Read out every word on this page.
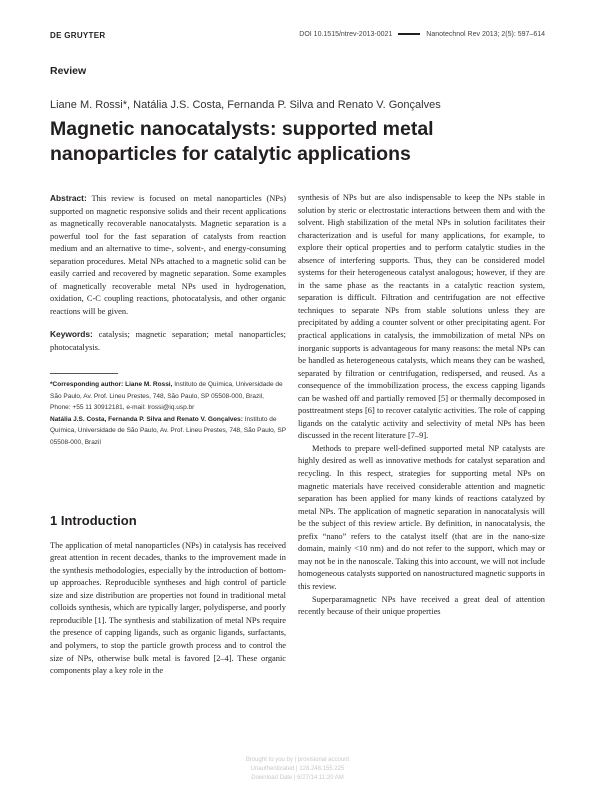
DE GRUYTER	DOI 10.1515/ntrev-2013-0021	Nanotechnol Rev 2013; 2(5): 597–614
Review
Liane M. Rossi*, Natália J.S. Costa, Fernanda P. Silva and Renato V. Gonçalves
Magnetic nanocatalysts: supported metal nanoparticles for catalytic applications

Abstract: This review is focused on metal nanoparticles (NPs) supported on magnetic responsive solids and their recent applications as magnetically recoverable nanocatalysts. Magnetic separation is a powerful tool for the fast separation of catalysts from reaction medium and an alternative to time-, solvent-, and energy-consuming separation procedures. Metal NPs attached to a magnetic solid can be easily carried and recovered by magnetic separation. Some examples of magnetically recoverable metal NPs used in hydrogenation, oxidation, C-C coupling reactions, photocatalysis, and other organic reactions will be given.

Keywords: catalysis; magnetic separation; metal nanoparticles; photocatalysis.

*Corresponding author: Liane M. Rossi, Instituto de Química, Universidade de São Paulo, Av. Prof. Lineu Prestes, 748, São Paulo, SP 05508-000, Brazil, Phone: +55 11 30912181, e-mail: lrossi@iq.usp.br

Natália J.S. Costa, Fernanda P. Silva and Renato V. Gonçalves: Instituto de Química, Universidade de São Paulo, Av. Prof. Lineu Prestes, 748, São Paulo, SP 05508-000, Brazil

1 Introduction

The application of metal nanoparticles (NPs) in catalysis has received great attention in recent decades, thanks to the improvement made in the synthesis methodologies, especially by the introduction of bottom-up approaches. Reproducible syntheses and high control of particle size and size distribution are properties not found in traditional metal colloids synthesis, which are typically larger, polydisperse, and poorly reproducible [1]. The synthesis and stabilization of metal NPs require the presence of capping ligands, such as organic ligands, surfactants, and polymers, to stop the particle growth process and to control the size of NPs, otherwise bulk metal is favored [2–4]. These organic components play a key role in the

synthesis of NPs but are also indispensable to keep the NPs stable in solution by steric or electrostatic interactions between them and with the solvent. High stabilization of the metal NPs in solution facilitates their characterization and is useful for many applications, for example, to explore their optical properties and to perform catalytic studies in the absence of interfering supports. Thus, they can be considered model systems for their heterogeneous catalyst analogous; however, if they are in the same phase as the reactants in a catalytic reaction system, separation is difficult. Filtration and centrifugation are not effective techniques to separate NPs from stable solutions unless they are precipitated by adding a counter solvent or other precipitating agent. For practical applications in catalysis, the immobilization of metal NPs on inorganic supports is advantageous for many reasons: the metal NPs can be handled as heterogeneous catalysts, which means they can be washed, separated by filtration or centrifugation, redispersed, and reused. As a consequence of the immobilization process, the excess capping ligands can be washed off and partially removed [5] or thermally decomposed in posttreatment steps [6] to recover catalytic activities. The role of capping ligands on the catalytic activity and selectivity of metal NPs has been discussed in the recent literature [7–9].

Methods to prepare well-defined supported metal NP catalysts are highly desired as well as innovative methods for catalyst separation and recycling. In this respect, strategies for supporting metal NPs on magnetic materials have received considerable attention and magnetic separation has been applied for many kinds of reactions catalyzed by metal NPs. The application of magnetic separation in nanocatalysis will be the subject of this review article. By definition, in nanocatalysis, the prefix “nano” refers to the catalyst itself (that are in the nano-size domain, mainly <10 nm) and do not refer to the support, which may or may not be in the nanoscale. Taking this into account, we will not include homogeneous catalysts supported on nanostructured magnetic supports in this review.

Superparamagnetic NPs have received a great deal of attention recently because of their unique properties

Brought to you by | provisional account
Unauthenticated | 128.248.155.225
Download Date | 6/27/14 11:20 AM
